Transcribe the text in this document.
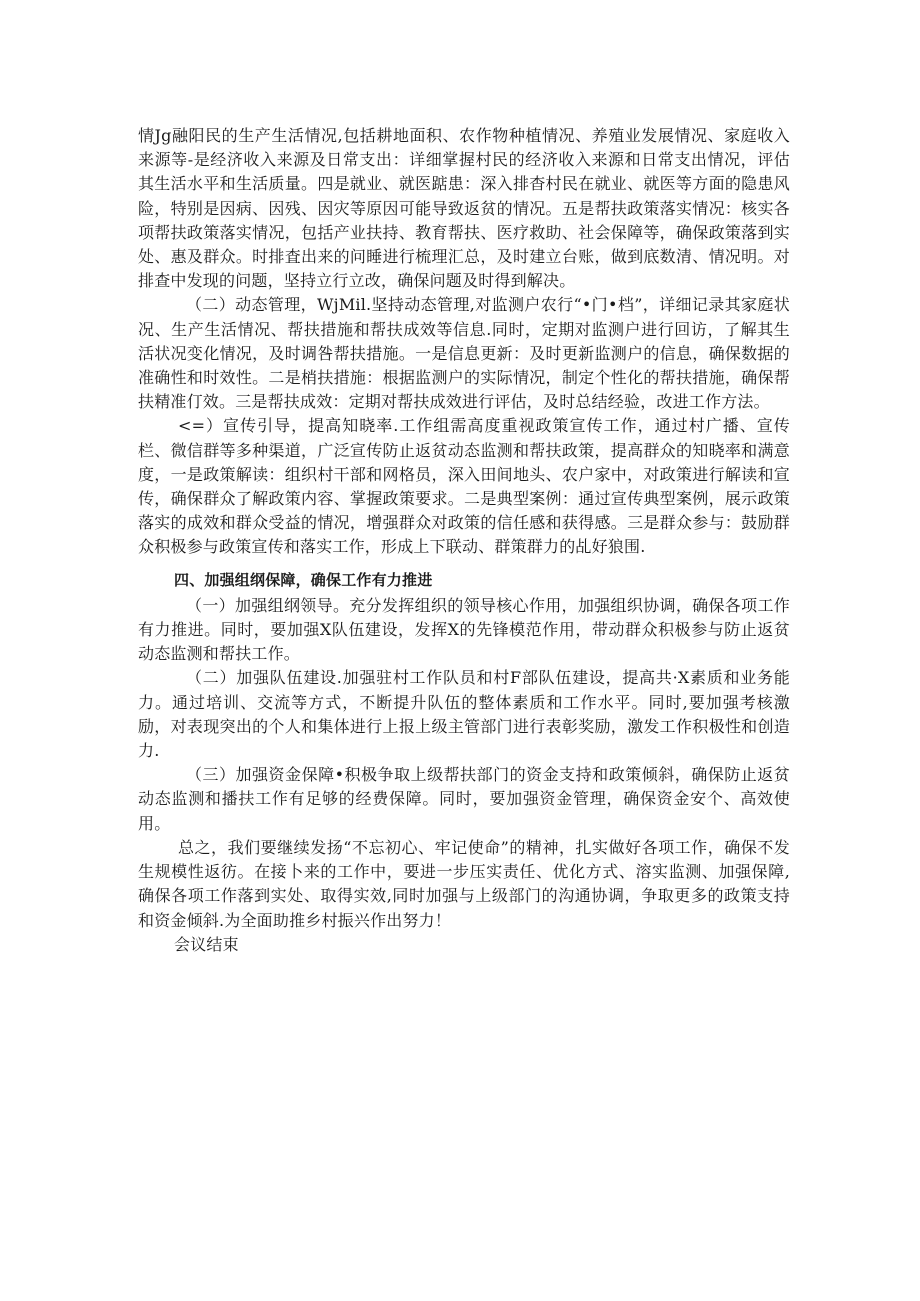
情Jg融阳民的生产生活情况,包括耕地面积、农作物种植情况、养殖业发展情况、家庭收入来源等-是经济收入来源及日常支出：详细掌握村民的经济收入来源和日常支出情况，评估其生活水平和生活质量。四是就业、就医踮患：深入排杳村民在就业、就医等方面的隐患风险，特别是因病、因残、因灾等原因可能导致返贫的情况。五是帮扶政策落实情况：核实各项帮扶政策落实情况，包括产业扶持、教育帮扶、医疗救助、社会保障等，确保政策落到实处、惠及群众。时排査出来的问睡进行梳理汇总，及时建立台账，做到底数清、情况明。对排查中发现的问题，坚持立行立改，确保问题及时得到解决。

（二）动态管理，WjMil.坚持动态管理,对监测户农行“•门•档”，详细记录其家庭状况、生产生活情况、帮扶措施和帮扶成效等信息.同时，定期对监测户进行回访，了解其生活状况变化情况，及时调咎帮扶措施。一是信息更新：及时更新监测户的信息，确保数据的准确性和时效性。二是梢扶措施：根据监测户的实际情况，制定个性化的帮扶措施，确保帮扶精准仃效。三是帮扶成效：定期对帮扶成效进行评估，及时总结经验，改进工作方法。

<=）宣传引导，提高知晓率.工作组需高度重视政策宣传工作，通过村广播、宣传栏、微信群等多种渠道，广泛宣传防止返贫动态监测和帮扶政策，提高群众的知晓率和满意度，一是政策解读：组织村干部和网格员，深入田间地头、农户家中，对政策进行解读和宣传，确保群众了解政策内容、掌握政策要求。二是典型案例：通过宣传典型案例，展示政策落实的成效和群众受益的情况，增强群众对政策的信任感和获得感。三是群众参与：鼓励群众积极参与政策宣传和落实工作，形成上下联动、群策群力的乩好狼围.

四、加强组纲保障，确保工作有力推进

（一）加强组纲领导。充分发挥组织的领导核心作用，加强组织协调，确保各项工作有力推进。同时，要加强X队伍建设，发挥X的先锋模范作用，带动群众积极参与防止返贫动态监测和帮扶工作。

（二）加强队伍建设.加强驻村工作队员和村F部队伍建设，提高共·X素质和业务能力。通过培训、交流等方式，不断提升队伍的整体素质和工作水平。同时,要加强考核激励，对表现突出的个人和集体进行上报上级主管部门进行表彰奖励，激发工作积极性和创造力.

（三）加强资金保障•积极争取上级帮扶部门的资金支持和政策倾斜，确保防止返贫动态监测和播扶工作有足够的经费保障。同时，要加强资金管理，确保资金安个、高效使用。

总之，我们要继续发扬“不忘初心、牢记使命”的精神，扎实做好各项工作，确保不发生规模性返彷。在接卜来的工作中，要进一步压实责任、优化方式、溶实监测、加强保障,确保各项工作落到实处、取得实效,同时加强与上级部门的沟通协调，争取更多的政策支持和资金倾斜.为全面助推乡村振兴作出努力！

会议结束
